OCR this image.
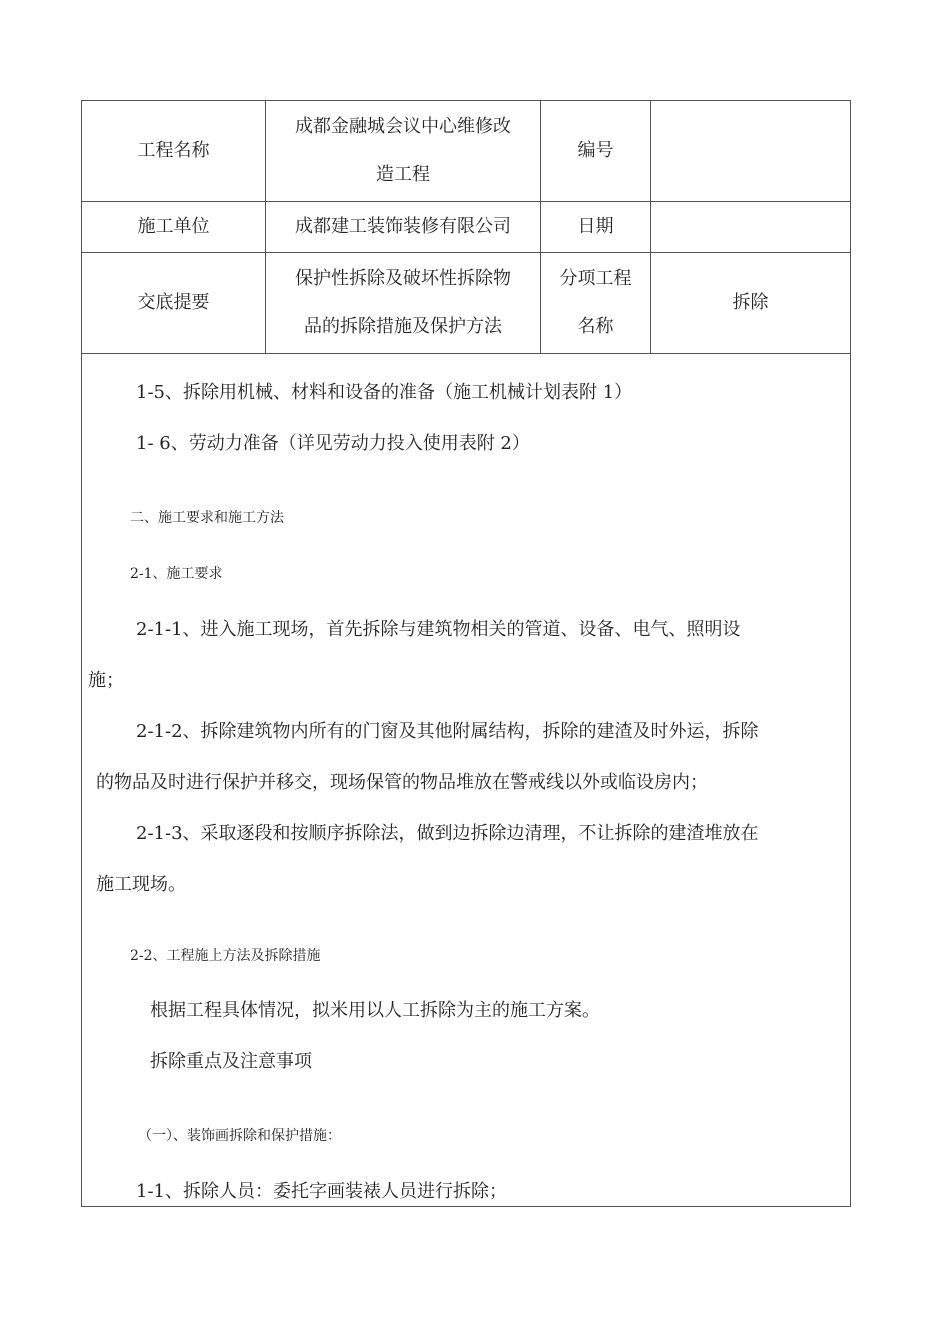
工程名称
成都金融城会议中心维修改
造工程
编号
施工单位	成都建工装饰装修有限公司	日期
交底提要
保护性拆除及破坏性拆除物
品的拆除措施及保护方法
分项工程
名称
拆除

1-5、拆除用机械、材料和设备的准备（施工机械计划表附 1）

1- 6、劳动力准备（详见劳动力投入使用表附 2）

二、施工要求和施工方法

2-1、施工要求

2-1-1、进入施工现场，首先拆除与建筑物相关的管道、设备、电气、照明设

施；

2-1-2、拆除建筑物内所有的门窗及其他附属结构，拆除的建渣及时外运，拆除

的物品及时进行保护并移交，现场保管的物品堆放在警戒线以外或临设房内；

2-1-3、采取逐段和按顺序拆除法，做到边拆除边清理，不让拆除的建渣堆放在

施工现场。

2-2、工程施上方法及拆除措施

根据工程具体情况，拟米用以人工拆除为主的施工方案。

拆除重点及注意事项

（一）、装饰画拆除和保护措施：

1-1、拆除人员：委托字画装裱人员进行拆除；
